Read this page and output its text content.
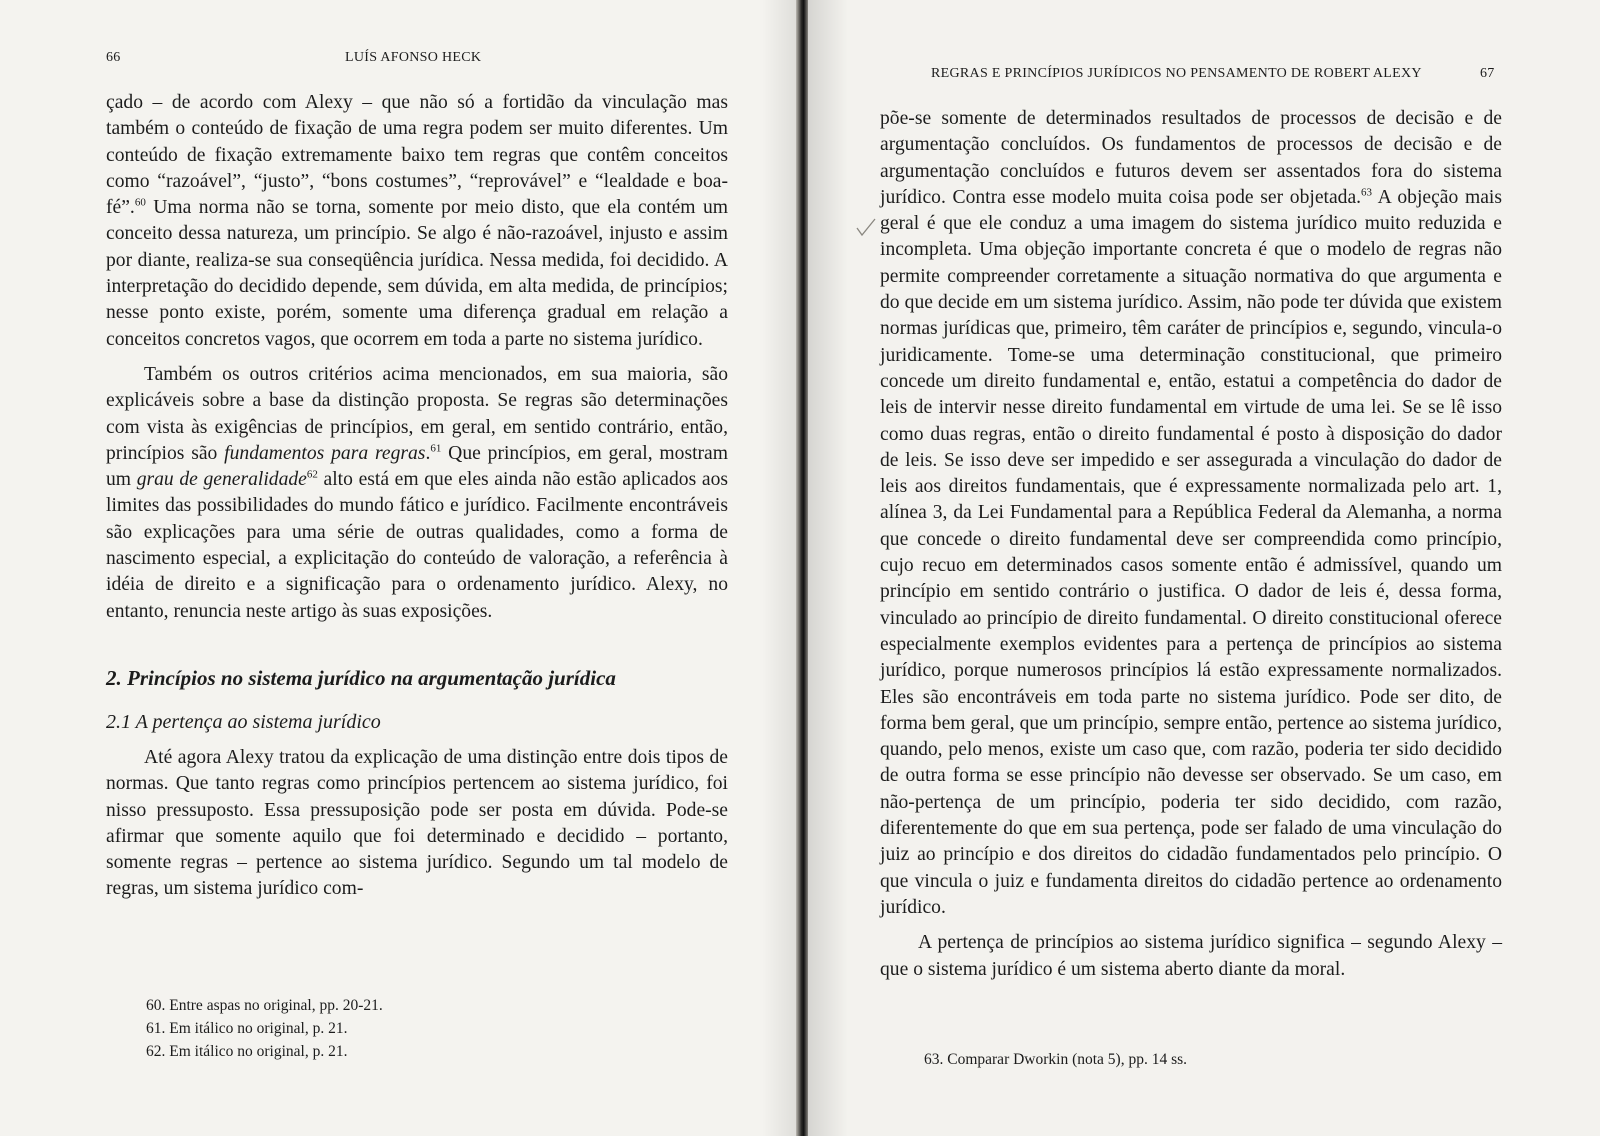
66	LUÍS AFONSO HECK

çado – de acordo com Alexy – que não só a fortidão da vinculação mas também o conteúdo de fixação de uma regra podem ser muito diferentes. Um conteúdo de fixação extremamente baixo tem regras que contêm conceitos como “razoável”, “justo”, “bons costumes”, “reprovável” e “lealdade e boa-fé”.$^{60}$ Uma norma não se torna, somente por meio disto, que ela contém um conceito dessa natureza, um princípio. Se algo é não-razoável, injusto e assim por diante, realiza-se sua conseqüência jurídica. Nessa medida, foi decidido. A interpretação do decidido depende, sem dúvida, em alta medida, de princípios; nesse ponto existe, porém, somente uma diferença gradual em relação a conceitos concretos vagos, que ocorrem em toda a parte no sistema jurídico.

Também os outros critérios acima mencionados, em sua maioria, são explicáveis sobre a base da distinção proposta. Se regras são determinações com vista às exigências de princípios, em geral, em sentido contrário, então, princípios são fundamentos para regras.$^{61}$ Que princípios, em geral, mostram um grau de generalidade$^{62}$ alto está em que eles ainda não estão aplicados aos limites das possibilidades do mundo fático e jurídico. Facilmente encontráveis são explicações para uma série de outras qualidades, como a forma de nascimento especial, a explicitação do conteúdo de valoração, a referência à idéia de direito e a significação para o ordenamento jurídico. Alexy, no entanto, renuncia neste artigo às suas exposições.

2. Princípios no sistema jurídico na argumentação jurídica
2.1 A pertença ao sistema jurídico

Até agora Alexy tratou da explicação de uma distinção entre dois tipos de normas. Que tanto regras como princípios pertencem ao sistema jurídico, foi nisso pressuposto. Essa pressuposição pode ser posta em dúvida. Pode-se afirmar que somente aquilo que foi determinado e decidido – portanto, somente regras – pertence ao sistema jurídico. Segundo um tal modelo de regras, um sistema jurídico com-

60. Entre aspas no original, pp. 20-21.
61. Em itálico no original, p. 21.
62. Em itálico no original, p. 21.
REGRAS E PRINCÍPIOS JURÍDICOS NO PENSAMENTO DE ROBERT ALEXY	67

põe-se somente de determinados resultados de processos de decisão e de argumentação concluídos. Os fundamentos de processos de decisão e de argumentação concluídos e futuros devem ser assentados fora do sistema jurídico. Contra esse modelo muita coisa pode ser objetada.$^{63}$ A objeção mais geral é que ele conduz a uma imagem do sistema jurídico muito reduzida e incompleta. Uma objeção importante concreta é que o modelo de regras não permite compreender corretamente a situação normativa do que argumenta e do que decide em um sistema jurídico. Assim, não pode ter dúvida que existem normas jurídicas que, primeiro, têm caráter de princípios e, segundo, vincula-o juridicamente. Tome-se uma determinação constitucional, que primeiro concede um direito fundamental e, então, estatui a competência do dador de leis de intervir nesse direito fundamental em virtude de uma lei. Se se lê isso como duas regras, então o direito fundamental é posto à disposição do dador de leis. Se isso deve ser impedido e ser assegurada a vinculação do dador de leis aos direitos fundamentais, que é expressamente normalizada pelo art. 1, alínea 3, da Lei Fundamental para a República Federal da Alemanha, a norma que concede o direito fundamental deve ser compreendida como princípio, cujo recuo em determinados casos somente então é admissível, quando um princípio em sentido contrário o justifica. O dador de leis é, dessa forma, vinculado ao princípio de direito fundamental. O direito constitucional oferece especialmente exemplos evidentes para a pertença de princípios ao sistema jurídico, porque numerosos princípios lá estão expressamente normalizados. Eles são encontráveis em toda parte no sistema jurídico. Pode ser dito, de forma bem geral, que um princípio, sempre então, pertence ao sistema jurídico, quando, pelo menos, existe um caso que, com razão, poderia ter sido decidido de outra forma se esse princípio não devesse ser observado. Se um caso, em não-pertença de um princípio, poderia ter sido decidido, com razão, diferentemente do que em sua pertença, pode ser falado de uma vinculação do juiz ao princípio e dos direitos do cidadão fundamentados pelo princípio. O que vincula o juiz e fundamenta direitos do cidadão pertence ao ordenamento jurídico.

A pertença de princípios ao sistema jurídico significa – segundo Alexy – que o sistema jurídico é um sistema aberto diante da moral.

63. Comparar Dworkin (nota 5), pp. 14 ss.
